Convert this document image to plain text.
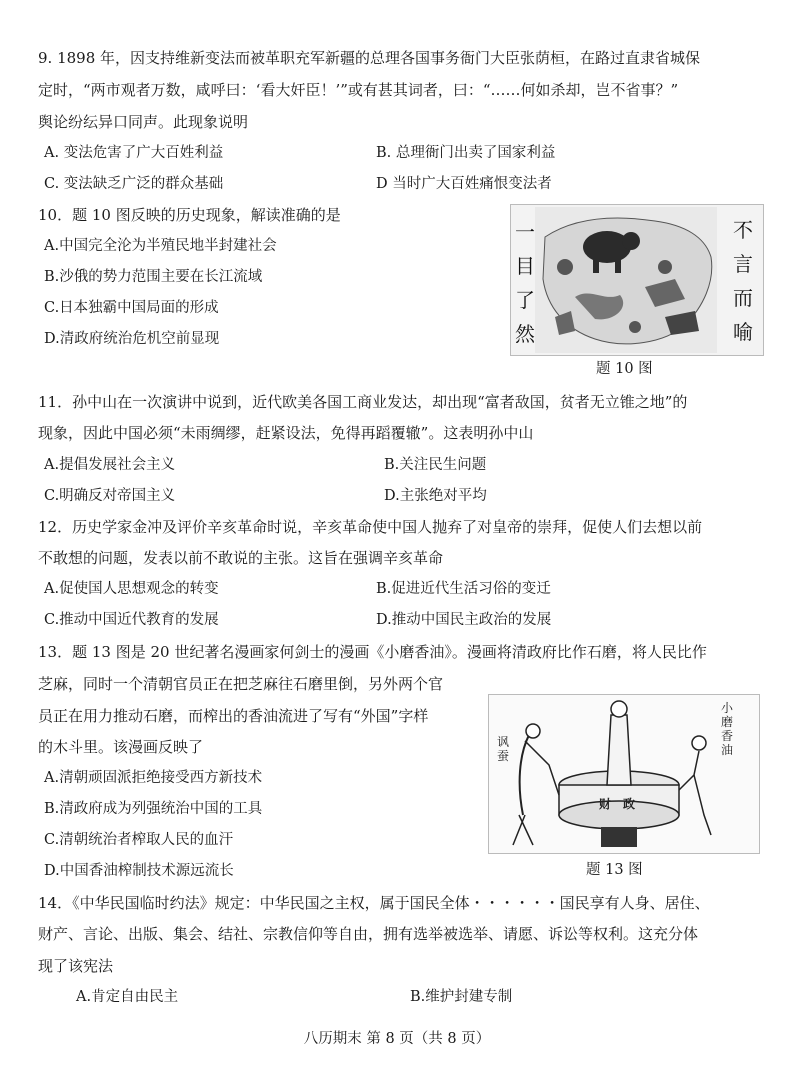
9. 1898 年，因支持维新变法而被革职充军新疆的总理各国事务衙门大臣张荫桓，在路过直隶省城保
定时，“两市观者万数，咸呼曰：‘看大奸臣！’”或有甚其词者，曰：“……何如杀却，岂不省事？”
舆论纷纭异口同声。此现象说明
A. 变法危害了广大百姓利益	B. 总理衙门出卖了国家利益
C. 变法缺乏广泛的群众基础	D 当时广大百姓痛恨变法者
10．题 10 图反映的历史现象，解读准确的是
A.中国完全沦为半殖民地半封建社会
B.沙俄的势力范围主要在长江流域
C.日本独霸中国局面的形成
D.清政府统治危机空前显现
一目了然
不言而喻
题 10 图
11．孙中山在一次演讲中说到，近代欧美各国工商业发达，却出现“富者敌国，贫者无立锥之地”的
现象，因此中国必须“未雨绸缪，赶紧设法，免得再蹈覆辙”。这表明孙中山
A.提倡发展社会主义	B.关注民生问题
C.明确反对帝国主义	D.主张绝对平均
12．历史学家金冲及评价辛亥革命时说，辛亥革命使中国人抛弃了对皇帝的崇拜，促使人们去想以前
不敢想的问题，发表以前不敢说的主张。这旨在强调辛亥革命
A.促使国人思想观念的转变	B.促进近代生活习俗的变迁
C.推动中国近代教育的发展	D.推动中国民主政治的发展
13．题 13 图是 20 世纪著名漫画家何剑士的漫画《小磨香油》。漫画将清政府比作石磨，将人民比作
芝麻，同时一个清朝官员正在把芝麻往石磨里倒，另外两个官
员正在用力推动石磨，而榨出的香油流进了写有“外国”字样
的木斗里。该漫画反映了
A.清朝顽固派拒绝接受西方新技术
B.清政府成为列强统治中国的工具
C.清朝统治者榨取人民的血汗
D.中国香油榨制技术源远流长
小磨香油
讽蚕
财政
题 13 图
14．《中华民国临时约法》规定：中华民国之主权，属于国民全体・・・・・・国民享有人身、居住、
财产、言论、出版、集会、结社、宗教信仰等自由，拥有选举被选举、请愿、诉讼等权利。这充分体
现了该宪法
A.肯定自由民主	B.维护封建专制
八历期末 第 8 页（共 8 页）
